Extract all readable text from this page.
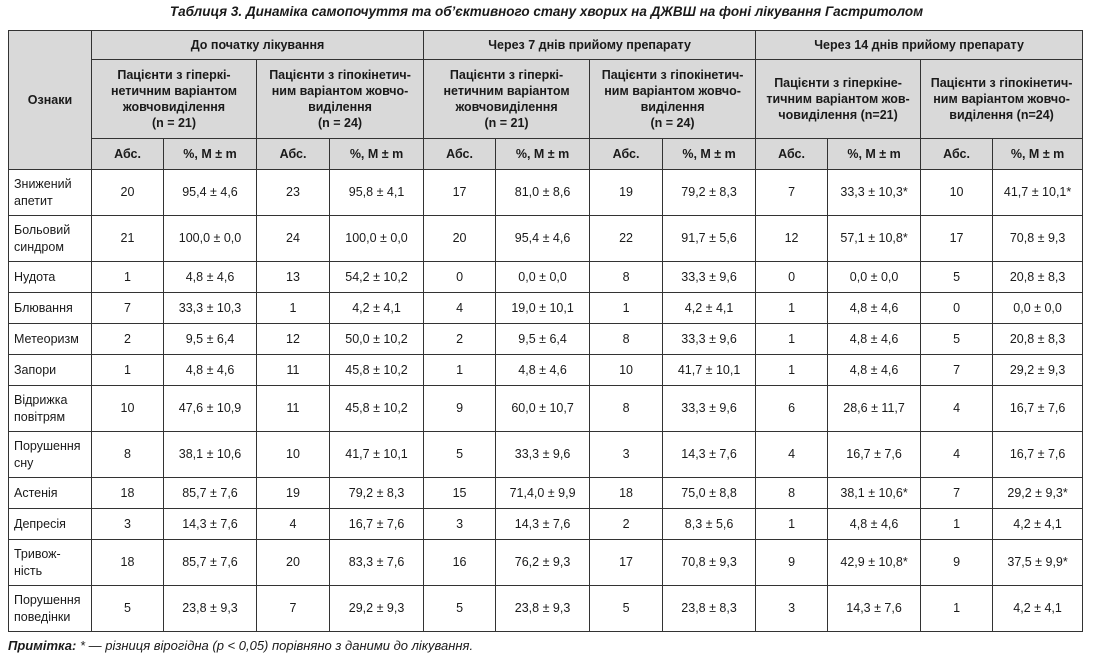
Таблиця 3. Динаміка самопочуття та об’єктивного стану хворих на ДЖВШ на фоні лікування Гастритолом
Ознаки	До початку лікування				Через 7 днів прийому препарату				Через 14 днів прийому препарату			
	Пацієнти з гіперкі-
нетичним варіантом
жовчовиділення
(n = 21)		Пацієнти з гіпокінетич-
ним варіантом жовчо-
виділення
(n = 24)		Пацієнти з гіперкі-
нетичним варіантом
жовчовиділення
(n = 21)		Пацієнти з гіпокінетич-
ним варіантом жовчо-
виділення
(n = 24)		Пацієнти з гіперкіне-
тичним варіантом жов-
човиділення (n=21)		Пацієнти з гіпокінетич-
ним варіантом жовчо-
виділення (n=24)	
	Абс.	%, M ± m	Абс.	%, M ± m	Абс.	%, M ± m	Абс.	%, M ± m	Абс.	%, M ± m	Абс.	%, M ± m
Знижений
апетит	20	95,4 ± 4,6	23	95,8 ± 4,1	17	81,0 ± 8,6	19	79,2 ± 8,3	7	33,3 ± 10,3*	10	41,7 ± 10,1*
Больовий
синдром	21	100,0 ± 0,0	24	100,0 ± 0,0	20	95,4 ± 4,6	22	91,7 ± 5,6	12	57,1 ± 10,8*	17	70,8 ± 9,3
Нудота	1	4,8 ± 4,6	13	54,2 ± 10,2	0	0,0 ± 0,0	8	33,3 ± 9,6	0	0,0 ± 0,0	5	20,8 ± 8,3
Блювання	7	33,3 ± 10,3	1	4,2 ± 4,1	4	19,0 ± 10,1	1	4,2 ± 4,1	1	4,8 ± 4,6	0	0,0 ± 0,0
Метеоризм	2	9,5 ± 6,4	12	50,0 ± 10,2	2	9,5 ± 6,4	8	33,3 ± 9,6	1	4,8 ± 4,6	5	20,8 ± 8,3
Запори	1	4,8 ± 4,6	11	45,8 ± 10,2	1	4,8 ± 4,6	10	41,7 ± 10,1	1	4,8 ± 4,6	7	29,2 ± 9,3
Відрижка
повітрям	10	47,6 ± 10,9	11	45,8 ± 10,2	9	60,0 ± 10,7	8	33,3 ± 9,6	6	28,6 ± 11,7	4	16,7 ± 7,6
Порушення
сну	8	38,1 ± 10,6	10	41,7 ± 10,1	5	33,3 ± 9,6	3	14,3 ± 7,6	4	16,7 ± 7,6	4	16,7 ± 7,6
Астенія	18	85,7 ± 7,6	19	79,2 ± 8,3	15	71,4,0 ± 9,9	18	75,0 ± 8,8	8	38,1 ± 10,6*	7	29,2 ± 9,3*
Депресія	3	14,3 ± 7,6	4	16,7 ± 7,6	3	14,3 ± 7,6	2	8,3 ± 5,6	1	4,8 ± 4,6	1	4,2 ± 4,1
Тривож-
ність	18	85,7 ± 7,6	20	83,3 ± 7,6	16	76,2 ± 9,3	17	70,8 ± 9,3	9	42,9 ± 10,8*	9	37,5 ± 9,9*
Порушення
поведінки	5	23,8 ± 9,3	7	29,2 ± 9,3	5	23,8 ± 9,3	5	23,8 ± 8,3	3	14,3 ± 7,6	1	4,2 ± 4,1
Примітка: * — різниця вірогідна (р < 0,05) порівняно з даними до лікування.
